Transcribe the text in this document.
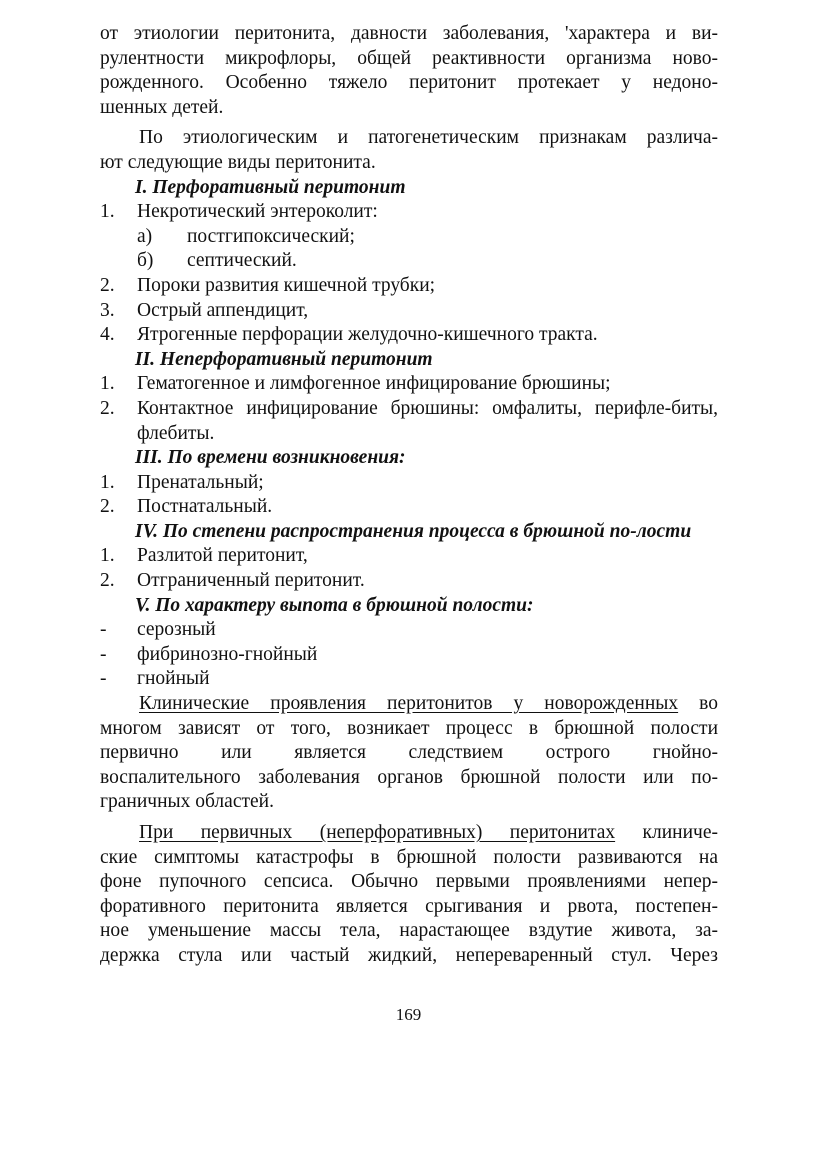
от этиологии перитонита, давности заболевания, 'характера и ви-
рулентности микрофлоры, общей реактивности организма ново-
рожденного. Особенно тяжело перитонит протекает у недоно-
шенных детей.

По этиологическим и патогенетическим признакам различа-
ют следующие виды перитонита.

I. Перфоративный перитонит

1.	Некротический энтероколит:
а)	постгипоксический;
б)	септический.
2.	Пороки развития кишечной трубки;
3.	Острый аппендицит,
4.	Ятрогенные перфорации желудочно-кишечного тракта.

II. Неперфоративный перитонит

1.	Гематогенное и лимфогенное инфицирование брюшины;
2.	Контактное инфицирование брюшины: омфалиты, перифле-биты, флебиты.

III. По времени возникновения:

1.	Пренатальный;
2.	Постнатальный.

IV. По степени распространения процесса в брюшной по-лости

1.	Разлитой перитонит,
2.	Отграниченный перитонит.

V. По характеру выпота в брюшной полости:

-	серозный
-	фибринозно-гнойный
-	гнойный

Клинические проявления перитонитов у новорожденных во
многом зависят от того, возникает процесс в брюшной полости
первично или является следствием острого гнойно-
воспалительного заболевания органов брюшной полости или по-
граничных областей.

При первичных (неперфоративных) перитонитах клиниче-
ские симптомы катастрофы в брюшной полости развиваются на
фоне пупочного сепсиса. Обычно первыми проявлениями непер-
форативного перитонита является срыгивания и рвота, постепен-
ное уменьшение массы тела, нарастающее вздутие живота, за-
держка стула или частый жидкий, непереваренный стул. Через

169
